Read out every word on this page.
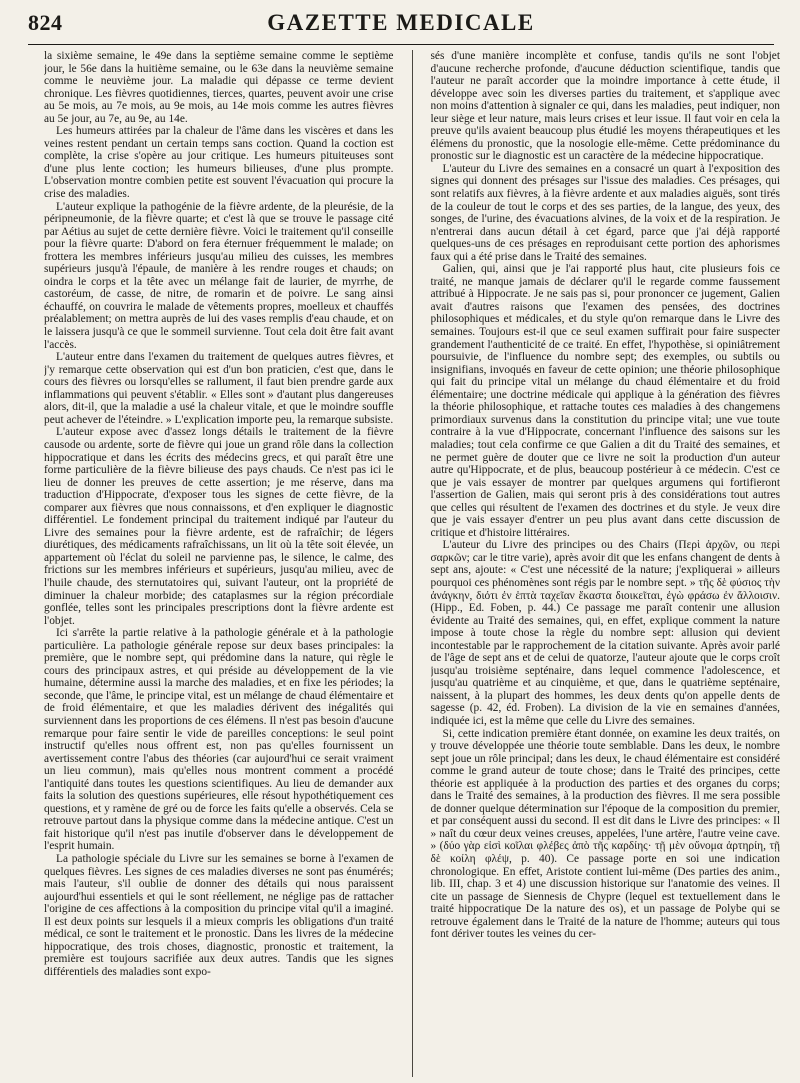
824	GAZETTE MEDICALE

la sixième semaine, le 49e dans la septième semaine comme le septième jour, le 56e dans la huitième semaine, ou le 63e dans la neuvième semaine comme le neuvième jour. La maladie qui dépasse ce terme devient chronique. Les fièvres quotidiennes, tierces, quartes, peuvent avoir une crise au 5e mois, au 7e mois, au 9e mois, au 14e mois comme les autres fièvres au 5e jour, au 7e, au 9e, au 14e.

Les humeurs attirées par la chaleur de l'âme dans les viscères et dans les veines restent pendant un certain temps sans coction. Quand la coction est complète, la crise s'opère au jour critique. Les humeurs pituiteuses sont d'une plus lente coction; les humeurs bilieuses, d'une plus prompte. L'observation montre combien petite est souvent l'évacuation qui procure la crise des maladies.

L'auteur explique la pathogénie de la fièvre ardente, de la pleurésie, de la péripneumonie, de la fièvre quarte; et c'est là que se trouve le passage cité par Aétius au sujet de cette dernière fièvre. Voici le traitement qu'il conseille pour la fièvre quarte: D'abord on fera éternuer fréquemment le malade; on frottera les membres inférieurs jusqu'au milieu des cuisses, les membres supérieurs jusqu'à l'épaule, de manière à les rendre rouges et chauds; on oindra le corps et la tête avec un mélange fait de laurier, de myrrhe, de castoréum, de casse, de nitre, de romarin et de poivre. Le sang ainsi échauffé, on couvrira le malade de vêtements propres, moelleux et chauffés préalablement; on mettra auprès de lui des vases remplis d'eau chaude, et on le laissera jusqu'à ce que le sommeil survienne. Tout cela doit être fait avant l'accès.

L'auteur entre dans l'examen du traitement de quelques autres fièvres, et j'y remarque cette observation qui est d'un bon praticien, c'est que, dans le cours des fièvres ou lorsqu'elles se rallument, il faut bien prendre garde aux inflammations qui peuvent s'établir. « Elles sont » d'autant plus dangereuses alors, dit-il, que la maladie a usé la chaleur vitale, et que le moindre souffle peut achever de l'éteindre. » L'explication importe peu, la remarque subsiste.

L'auteur expose avec d'assez longs détails le traitement de la fièvre causode ou ardente, sorte de fièvre qui joue un grand rôle dans la collection hippocratique et dans les écrits des médecins grecs, et qui paraît être une forme particulière de la fièvre bilieuse des pays chauds. Ce n'est pas ici le lieu de donner les preuves de cette assertion; je me réserve, dans ma traduction d'Hippocrate, d'exposer tous les signes de cette fièvre, de la comparer aux fièvres que nous connaissons, et d'en expliquer le diagnostic différentiel. Le fondement principal du traitement indiqué par l'auteur du Livre des semaines pour la fièvre ardente, est de rafraîchir; de légers diurétiques, des médicaments rafraîchissans, un lit où la tête soit élevée, un appartement où l'éclat du soleil ne parvienne pas, le silence, le calme, des frictions sur les membres inférieurs et supérieurs, jusqu'au milieu, avec de l'huile chaude, des sternutatoires qui, suivant l'auteur, ont la propriété de diminuer la chaleur morbide; des cataplasmes sur la région précordiale gonflée, telles sont les principales prescriptions dont la fièvre ardente est l'objet.

Ici s'arrête la partie relative à la pathologie générale et à la pathologie particulière. La pathologie générale repose sur deux bases principales: la première, que le nombre sept, qui prédomine dans la nature, qui règle le cours des principaux astres, et qui préside au développement de la vie humaine, détermine aussi la marche des maladies, et en fixe les périodes; la seconde, que l'âme, le principe vital, est un mélange de chaud élémentaire et de froid élémentaire, et que les maladies dérivent des inégalités qui surviennent dans les proportions de ces élémens. Il n'est pas besoin d'aucune remarque pour faire sentir le vide de pareilles conceptions: le seul point instructif qu'elles nous offrent est, non pas qu'elles fournissent un avertissement contre l'abus des théories (car aujourd'hui ce serait vraiment un lieu commun), mais qu'elles nous montrent comment a procédé l'antiquité dans toutes les questions scientifiques. Au lieu de demander aux faits la solution des questions supérieures, elle résout hypothétiquement ces questions, et y ramène de gré ou de force les faits qu'elle a observés. Cela se retrouve partout dans la physique comme dans la médecine antique. C'est un fait historique qu'il n'est pas inutile d'observer dans le développement de l'esprit humain.

La pathologie spéciale du Livre sur les semaines se borne à l'examen de quelques fièvres. Les signes de ces maladies diverses ne sont pas énumérés; mais l'auteur, s'il oublie de donner des détails qui nous paraissent aujourd'hui essentiels et qui le sont réellement, ne néglige pas de rattacher l'origine de ces affections à la composition du principe vital qu'il a imaginé. Il est deux points sur lesquels il a mieux compris les obligations d'un traité médical, ce sont le traitement et le pronostic. Dans les livres de la médecine hippocratique, des trois choses, diagnostic, pronostic et traitement, la première est toujours sacrifiée aux deux autres. Tandis que les signes différentiels des maladies sont expo-

sés d'une manière incomplète et confuse, tandis qu'ils ne sont l'objet d'aucune recherche profonde, d'aucune déduction scientifique, tandis que l'auteur ne paraît accorder que la moindre importance à cette étude, il développe avec soin les diverses parties du traitement, et s'applique avec non moins d'attention à signaler ce qui, dans les maladies, peut indiquer, non leur siège et leur nature, mais leurs crises et leur issue. Il faut voir en cela la preuve qu'ils avaient beaucoup plus étudié les moyens thérapeutiques et les élémens du pronostic, que la nosologie elle-même. Cette prédominance du pronostic sur le diagnostic est un caractère de la médecine hippocratique.

L'auteur du Livre des semaines en a consacré un quart à l'exposition des signes qui donnent des présages sur l'issue des maladies. Ces présages, qui sont relatifs aux fièvres, à la fièvre ardente et aux maladies aiguës, sont tirés de la couleur de tout le corps et des ses parties, de la langue, des yeux, des songes, de l'urine, des évacuations alvines, de la voix et de la respiration. Je n'entrerai dans aucun détail à cet égard, parce que j'ai déjà rapporté quelques-uns de ces présages en reproduisant cette portion des aphorismes faux qui a été prise dans le Traité des semaines.

Galien, qui, ainsi que je l'ai rapporté plus haut, cite plusieurs fois ce traité, ne manque jamais de déclarer qu'il le regarde comme faussement attribué à Hippocrate. Je ne sais pas si, pour prononcer ce jugement, Galien avait d'autres raisons que l'examen des pensées, des doctrines philosophiques et médicales, et du style qu'on remarque dans le Livre des semaines. Toujours est-il que ce seul examen suffirait pour faire suspecter grandement l'authenticité de ce traité. En effet, l'hypothèse, si opiniâtrement poursuivie, de l'influence du nombre sept; des exemples, ou subtils ou insignifians, invoqués en faveur de cette opinion; une théorie philosophique qui fait du principe vital un mélange du chaud élémentaire et du froid élémentaire; une doctrine médicale qui applique à la génération des fièvres la théorie philosophique, et rattache toutes ces maladies à des changemens primordiaux survenus dans la constitution du principe vital; une vue toute contraire à la vue d'Hippocrate, concernant l'influence des saisons sur les maladies; tout cela confirme ce que Galien a dit du Traité des semaines, et ne permet guère de douter que ce livre ne soit la production d'un auteur autre qu'Hippocrate, et de plus, beaucoup postérieur à ce médecin. C'est ce que je vais essayer de montrer par quelques argumens qui fortifieront l'assertion de Galien, mais qui seront pris à des considérations tout autres que celles qui résultent de l'examen des doctrines et du style. Je veux dire que je vais essayer d'entrer un peu plus avant dans cette discussion de critique et d'histoire littéraires.

L'auteur du Livre des principes ou des Chairs (Περὶ ἀρχῶν, ou περὶ σαρκῶν; car le titre varie), après avoir dit que les enfans changent de dents à sept ans, ajoute: « C'est une nécessité de la nature; j'expliquerai » ailleurs pourquoi ces phénomènes sont régis par le nombre sept. » τῆς δὲ φύσιος τὴν ἀνάγκην, διότι ἐν ἑπτὰ ταχεῖαν ἕκαστα διοικεῖται, ἐγὼ φράσω ἐν ἄλλοισιν. (Hipp., Ed. Foben, p. 44.) Ce passage me paraît contenir une allusion évidente au Traité des semaines, qui, en effet, explique comment la nature impose à toute chose la règle du nombre sept: allusion qui devient incontestable par le rapprochement de la citation suivante. Après avoir parlé de l'âge de sept ans et de celui de quatorze, l'auteur ajoute que le corps croît jusqu'au troisième septénaire, dans lequel commence l'adolescence, et jusqu'au quatrième et au cinquième, et que, dans le quatrième septénaire, naissent, à la plupart des hommes, les deux dents qu'on appelle dents de sagesse (p. 42, éd. Froben). La division de la vie en semaines d'années, indiquée ici, est la même que celle du Livre des semaines.

Si, cette indication première étant donnée, on examine les deux traités, on y trouve développée une théorie toute semblable. Dans les deux, le nombre sept joue un rôle principal; dans les deux, le chaud élémentaire est considéré comme le grand auteur de toute chose; dans le Traité des principes, cette théorie est appliquée à la production des parties et des organes du corps; dans le Traité des semaines, à la production des fièvres. Il me sera possible de donner quelque détermination sur l'époque de la composition du premier, et par conséquent aussi du second. Il est dit dans le Livre des principes: « Il » naît du cœur deux veines creuses, appelées, l'une artère, l'autre veine cave. » (δύο γὰρ εἰσὶ κοῖλαι φλέβες ἀπὸ τῆς καρδίης· τῇ μὲν οὔνομα ἀρτηρίη, τῇ δὲ κοίλη φλέψ, p. 40). Ce passage porte en soi une indication chronologique. En effet, Aristote contient lui-même (Des parties des anim., lib. III, chap. 3 et 4) une discussion historique sur l'anatomie des veines. Il cite un passage de Siennesis de Chypre (lequel est textuellement dans le traité hippocratique De la nature des os), et un passage de Polybe qui se retrouve également dans le Traité de la nature de l'homme; auteurs qui tous font dériver toutes les veines du cer-
